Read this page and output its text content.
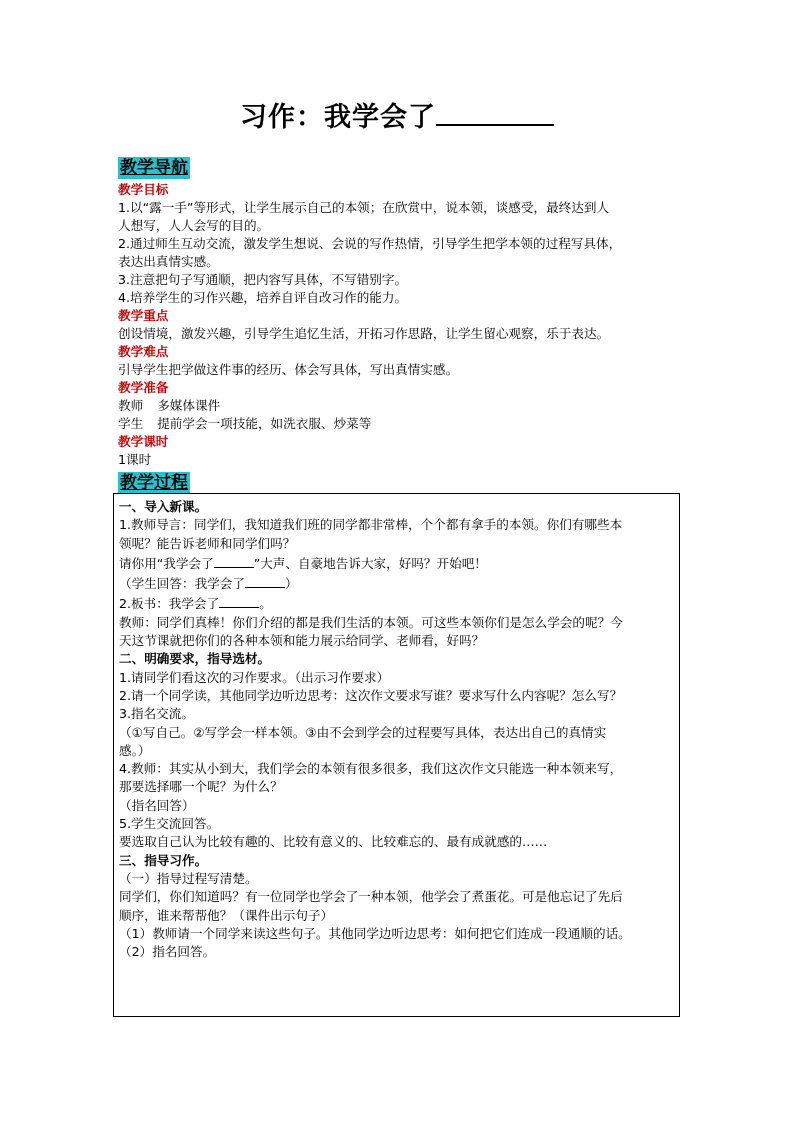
习作：我学会了
教学导航
教学目标
1.以“露一手”等形式，让学生展示自己的本领；在欣赏中，说本领，谈感受，最终达到人
人想写，人人会写的目的。
2.通过师生互动交流，激发学生想说、会说的写作热情，引导学生把学本领的过程写具体，
表达出真情实感。
3.注意把句子写通顺，把内容写具体，不写错别字。
4.培养学生的习作兴趣，培养自评自改习作的能力。
教学重点
创设情境，激发兴趣，引导学生追忆生活，开拓习作思路，让学生留心观察，乐于表达。
教学难点
引导学生把学做这件事的经历、体会写具体，写出真情实感。
教学准备
教师 多媒体课件
学生 提前学会一项技能，如洗衣服、炒菜等
教学课时
1课时
教学过程
一、导入新课。
1.教师导言：同学们，我知道我们班的同学都非常棒，个个都有拿手的本领。你们有哪些本
领呢？能告诉老师和同学们吗？
请你用“我学会了	”大声、自豪地告诉大家，好吗？开始吧！
（学生回答：我学会了	）
2.板书：我学会了	。
教师：同学们真棒！你们介绍的都是我们生活的本领。可这些本领你们是怎么学会的呢？今
天这节课就把你们的各种本领和能力展示给同学、老师看，好吗？
二、明确要求，指导选材。
1.请同学们看这次的习作要求。（出示习作要求）
2.请一个同学读，其他同学边听边思考：这次作文要求写谁？要求写什么内容呢？怎么写？
3.指名交流。
（①写自己。②写学会一样本领。③由不会到学会的过程要写具体，表达出自己的真情实
感。）
4.教师：其实从小到大，我们学会的本领有很多很多，我们这次作文只能选一种本领来写，
那要选择哪一个呢？为什么？
（指名回答）
5.学生交流回答。
要选取自己认为比较有趣的、比较有意义的、比较难忘的、最有成就感的……
三、指导习作。
（一）指导过程写清楚。
同学们，你们知道吗？有一位同学也学会了一种本领，他学会了煮蛋花。可是他忘记了先后
顺序，谁来帮帮他？（课件出示句子）
（1）教师请一个同学来读这些句子。其他同学边听边思考：如何把它们连成一段通顺的话。
（2）指名回答。
